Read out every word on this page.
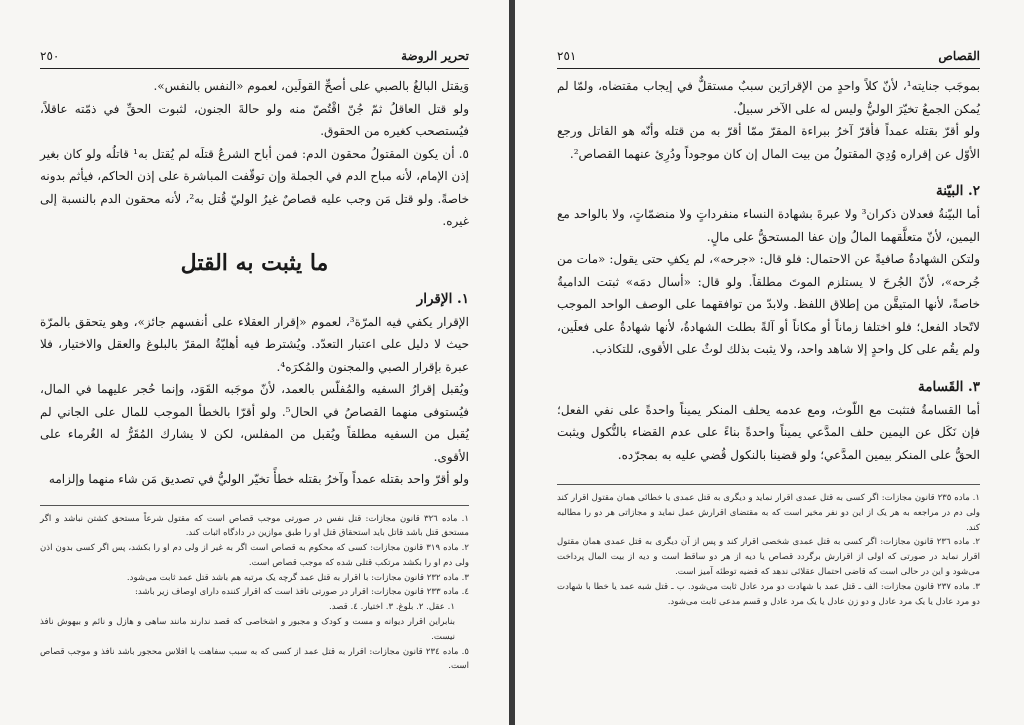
تحرير الروضة
٢٥٠

وَيقتل البالغُ بالصبي على أصحِّ القولَين، لعموم «النفس بالنفس».

ولو قتل العاقلُ ثمّ جُنّ اقْتُصّ منه ولو حالةَ الجنون، لثبوت الحقِّ في ذمّته عاقلاً، فيُستصحب كغيره من الحقوق.

٥. أن يكون المقتولُ محقون الدم: فمن أباح الشرعُ قتلَه لم يُقتل به¹ قاتلُه ولو كان بغير إذن الإمام، لأنه مباح الدم في الجملة وإن توقّفت المباشرة على إذن الحاكم، فيأثم بدونه خاصةً. ولو قتل مَن وجب عليه قصاصٌ غيرُ الوليّ قُتل به²، لأنه محقون الدم بالنسبة إلى غيره.

ما يثبت به القتل
١. الإقرار

الإقرار يكفي فيه المرّة³، لعموم «إقرار العقلاء على أنفسهم جائز»، وهو يتحقق بالمرّة حيث لا دليل على اعتبار التعدّد. ويُشترط فيه أهليّةُ المقرّ بالبلوغ والعقل والاختيار، فلا عبرة بإقرار الصبي والمجنون والمُكرَه⁴.

ويُقبل إقرارُ السفيه والمُفلّس بالعمد، لأنّ موجَبه القَوَد، وإنما حُجر عليهما في المال، فيُستوفى منهما القصاصُ في الحال⁵. ولو أقرّا بالخطأ الموجب للمال على الجاني لم يُقبل من السفيه مطلقاً ويُقبل من المفلس، لكن لا يشارك المُقَرُّ له الغُرماء على الأقوى.

ولو أقرّ واحد بقتله عمداً وآخرُ بقتله خطأً تخيّر الوليُّ في تصديق مَن شاء منهما وإلزامه

١. ماده ٣٢٦ قانون مجازات: قتل نفس در صورتی موجب قصاص است که مقتول شرعاً مستحق کشتن نباشد و اگر مستحق قتل باشد قاتل باید استحقاق قتل او را طبق موازین در دادگاه اثبات کند.

٢. ماده ٣١٩ قانون مجازات: کسی که محکوم به قصاص است اگر به غیر از ولی دم او را بکشد، پس اگر کسی بدون اذن ولی دم او را بکشد مرتکب قتلی شده که موجب قصاص است.

٣. ماده ٢٣٢ قانون مجازات: با اقرار به قتل عمد گرچه یک مرتبه هم باشد قتل عمد ثابت می‌شود.

٤. ماده ٢٣٣ قانون مجازات: اقرار در صورتی نافذ است که اقرار کننده دارای اوصاف زیر باشد:

١. عقل. ٢. بلوغ. ٣. اختیار. ٤. قصد.

بنابراین اقرار دیوانه و مست و کودک و مجبور و اشخاصی که قصد ندارند مانند ساهی و هازل و نائم و بیهوش نافذ نیست.

٥. ماده ٢٣٤ قانون مجازات: اقرار به قتل عمد از کسی که به سبب سفاهت یا افلاس محجور باشد نافذ و موجب قصاص است.

القصاص
٢٥١

بموجَب جنايته¹، لأنّ كلاً واحدٍ من الإقرارَين سببٌ مستقلٌّ في إيجاب مقتضاه، ولمّا لم يُمكن الجمعُ تخيّرَ الوليُّ وليس له على الآخر سبيلٌ.

ولو أقرّ بقتله عمداً فأقرّ آخرُ ببراءة المقرّ ممّا أقرّ به من قتله وأنّه هو القاتل ورجع الأوّل عن إقراره وُدِيَ المقتولُ من بيت المال إن كان موجوداً ودُرِئ عنهما القصاص².

٢. البيّنة

أما البيّنةُ فعدلان ذكران³ ولا عبرةَ بشهادة النساء منفرداتٍ ولا منضمّاتٍ، ولا بالواحد مع اليمين، لأنّ متعلَّقهما المالُ وإن عفا المستحقُّ على مالٍ.

ولتكن الشهادةُ صافيةً عن الاحتمال: فلو قال: «جرحه»، لم يكفِ حتى يقول: «مات من جُرحه»، لأنّ الجُرحَ لا يستلزم الموتَ مطلقاً. ولو قال: «أسال دمَه» ثبتت الداميةُ خاصةً، لأنها المتيقَّن من إطلاق اللفظ. ولابدّ من توافقهما على الوصف الواحد الموجب لاتّحاد الفعل؛ فلو اختلفا زماناً أو مكاناً أو آلةً بطلت الشهادةُ، لأنها شهادةٌ على فعلَين، ولم يقُم على كل واحدٍ إلا شاهد واحد، ولا يثبت بذلك لوثٌ على الأقوى، للتكاذب.

٣. القَسامة

أما القسامةُ فتثبت مع اللّوث، ومع عدمه يحلف المنكر يميناً واحدةً على نفي الفعل؛ فإن نَكَل عن اليمين حلف المدَّعي يميناً واحدةً بناءً على عدم القضاء بالنُّكول ويثبت الحقُّ على المنكر بيمين المدَّعي؛ ولو قضينا بالنكول قُضي عليه به بمجرّده.

١. ماده ٢٣٥ قانون مجازات: اگر کسی به قتل عمدی اقرار نماید و دیگری به قتل عمدی یا خطائی همان مقتول اقرار کند ولی دم در مراجعه به هر یک از این دو نفر مخیر است که به مقتضای اقرارش عمل نماید و مجازاتی هر دو را مطالبه کند.

٢. ماده ٢٣٦ قانون مجازات: اگر کسی به قتل عمدی شخصی اقرار کند و پس از آن دیگری به قتل عمدی همان مقتول اقرار نماید در صورتی که اولی از اقرارش برگردد قصاص یا دیه از هر دو ساقط است و دیه از بیت المال پرداخت می‌شود و این در حالی است که قاضی احتمال عقلائی ندهد که قضیه توطئه آمیز است.

٣. ماده ٢٣٧ قانون مجازات: الف ـ قتل عمد با شهادت دو مرد عادل ثابت می‌شود. ب ـ قتل شبه عمد یا خطا با شهادت دو مرد عادل یا یک مرد عادل و دو زن عادل یا یک مرد عادل و قسم مدعی ثابت می‌شود.
